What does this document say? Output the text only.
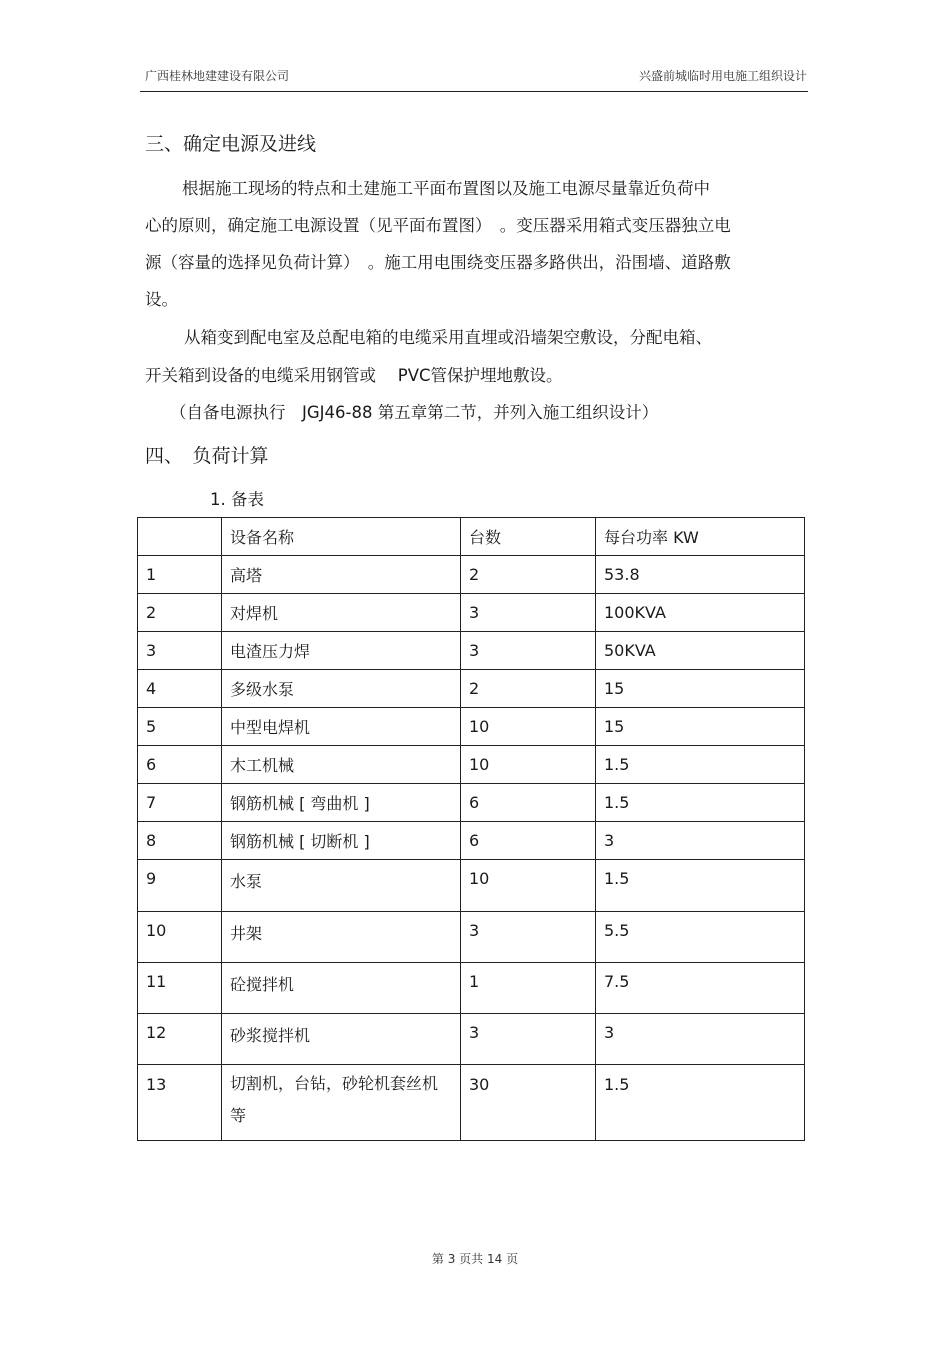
广西桂林地建建设有限公司	兴盛前城临时用电施工组织设计
三、确定电源及进线
根据施工现场的特点和土建施工平面布置图以及施工电源尽量靠近负荷中
心的原则，确定施工电源设置（见平面布置图）　。变压器采用箱式变压器独立电
源（容量的选择见负荷计算）　。施工用电围绕变压器多路供出，沿围墙、道路敷
设。
从箱变到配电室及总配电箱的电缆采用直埋或沿墙架空敷设，分配电箱、
开关箱到设备的电缆采用钢管或　 PVC管保护埋地敷设。
（自备电源执行　JGJ46-88 第五章第二节，并列入施工组织设计）
四、　负荷计算
1. 备表
	设备名称	台数	每台功率 KW
1	高塔	2	53.8
2	对焊机	3	100KVA
3	电渣压力焊	3	50KVA
4	多级水泵	2	15
5	中型电焊机	10	15
6	木工机械	10	1.5
7	钢筋机械 [ 弯曲机 ]	6	1.5
8	钢筋机械 [ 切断机 ]	6	3
9	水泵	10	1.5
10	井架	3	5.5
11	砼搅拌机	1	7.5
12	砂浆搅拌机	3	3
13	切割机，台钻，砂轮机套丝机等	30	1.5
第 3 页共 14 页
